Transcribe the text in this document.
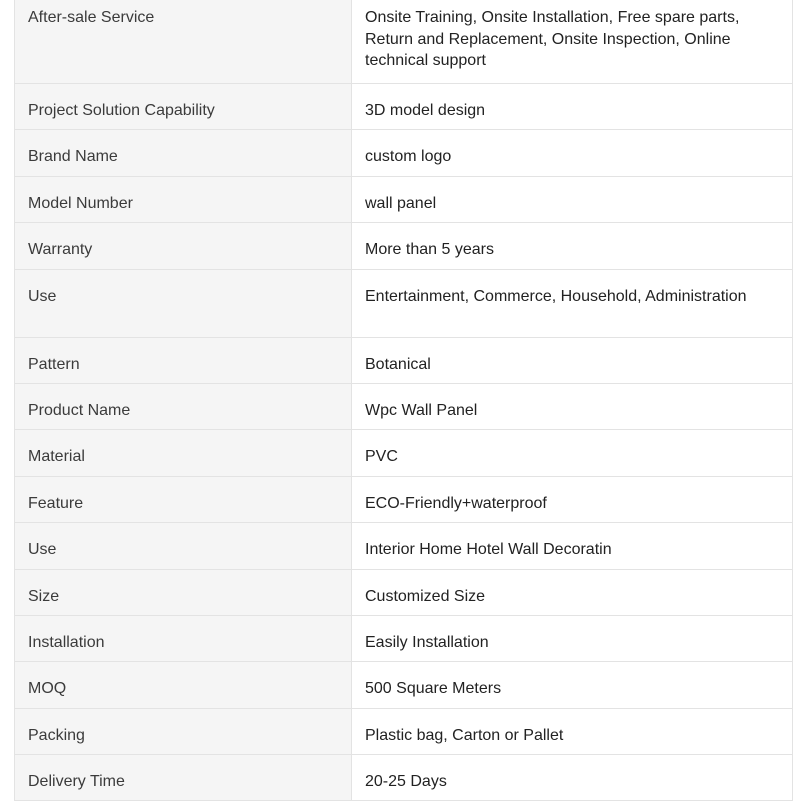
After-sale Service	Onsite Training, Onsite Installation, Free spare parts, Return and Replacement, Onsite Inspection, Online technical support

Project Solution Capability	3D model design

Brand Name	custom logo

Model Number	wall panel

Warranty	More than 5 years

Use	Entertainment, Commerce, Household, Administration

Pattern	Botanical

Product Name	Wpc Wall Panel

Material	PVC

Feature	ECO-Friendly+waterproof

Use	Interior Home Hotel Wall Decoratin

Size	Customized Size

Installation	Easily Installation

MOQ	500 Square Meters

Packing	Plastic bag, Carton or Pallet

Delivery Time	20-25 Days
